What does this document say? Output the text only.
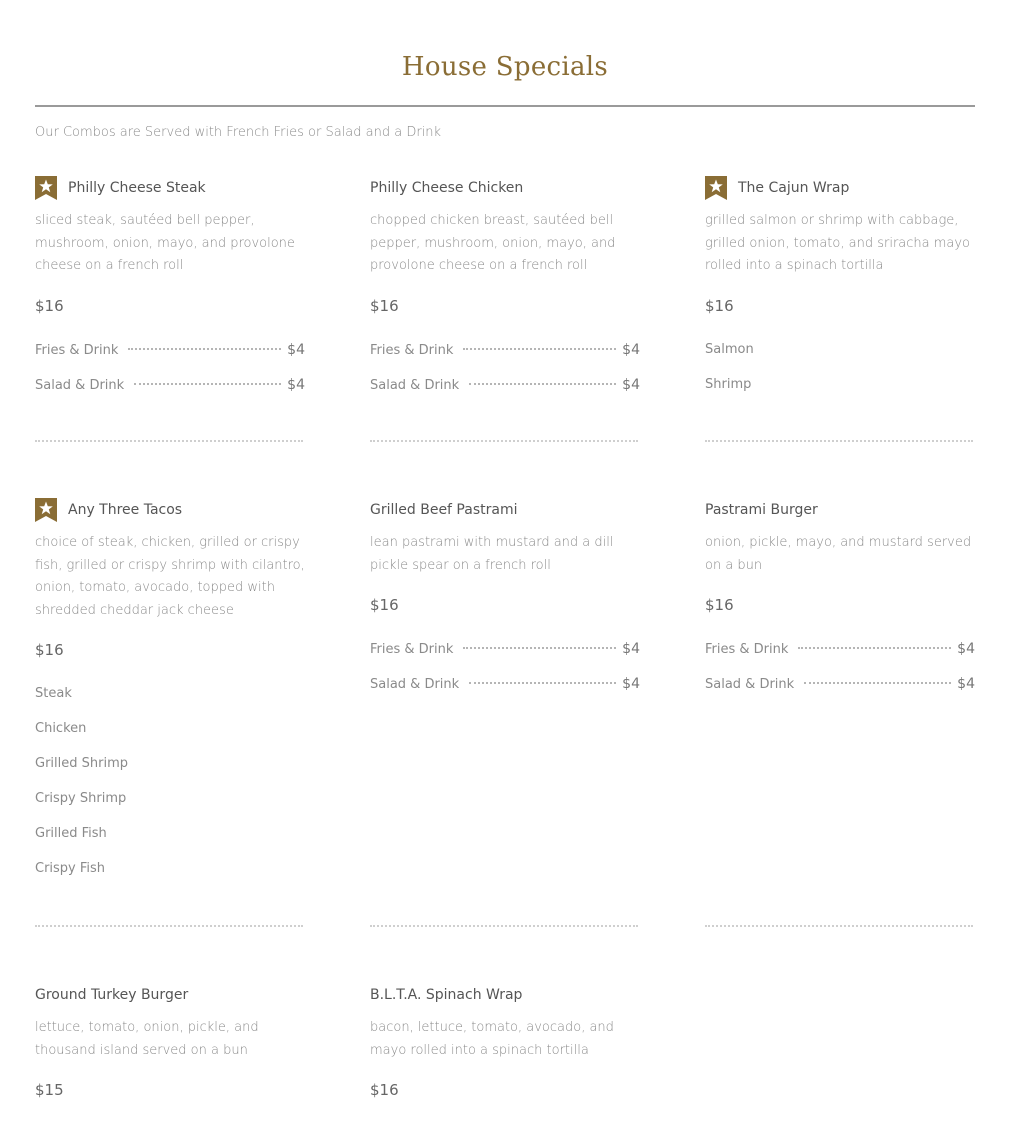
House Specials
Our Combos are Served with French Fries or Salad and a Drink
Philly Cheese Steak

sliced steak, sautéed bell pepper, mushroom, onion, mayo, and provolone cheese on a french roll

$16
Fries & Drink	$4
Salad & Drink	$4
Philly Cheese Chicken

chopped chicken breast, sautéed bell pepper, mushroom, onion, mayo, and provolone cheese on a french roll

$16
Fries & Drink	$4
Salad & Drink	$4
The Cajun Wrap

grilled salmon or shrimp with cabbage, grilled onion, tomato, and sriracha mayo rolled into a spinach tortilla

$16
Salmon
Shrimp
Any Three Tacos

choice of steak, chicken, grilled or crispy fish, grilled or crispy shrimp with cilantro, onion, tomato, avocado, topped with shredded cheddar jack cheese

$16
Steak
Chicken
Grilled Shrimp
Crispy Shrimp
Grilled Fish
Crispy Fish
Grilled Beef Pastrami

lean pastrami with mustard and a dill pickle spear on a french roll

$16
Fries & Drink	$4
Salad & Drink	$4
Pastrami Burger

onion, pickle, mayo, and mustard served on a bun

$16
Fries & Drink	$4
Salad & Drink	$4
Ground Turkey Burger

lettuce, tomato, onion, pickle, and thousand island served on a bun

$15
B.L.T.A. Spinach Wrap

bacon, lettuce, tomato, avocado, and mayo rolled into a spinach tortilla

$16
